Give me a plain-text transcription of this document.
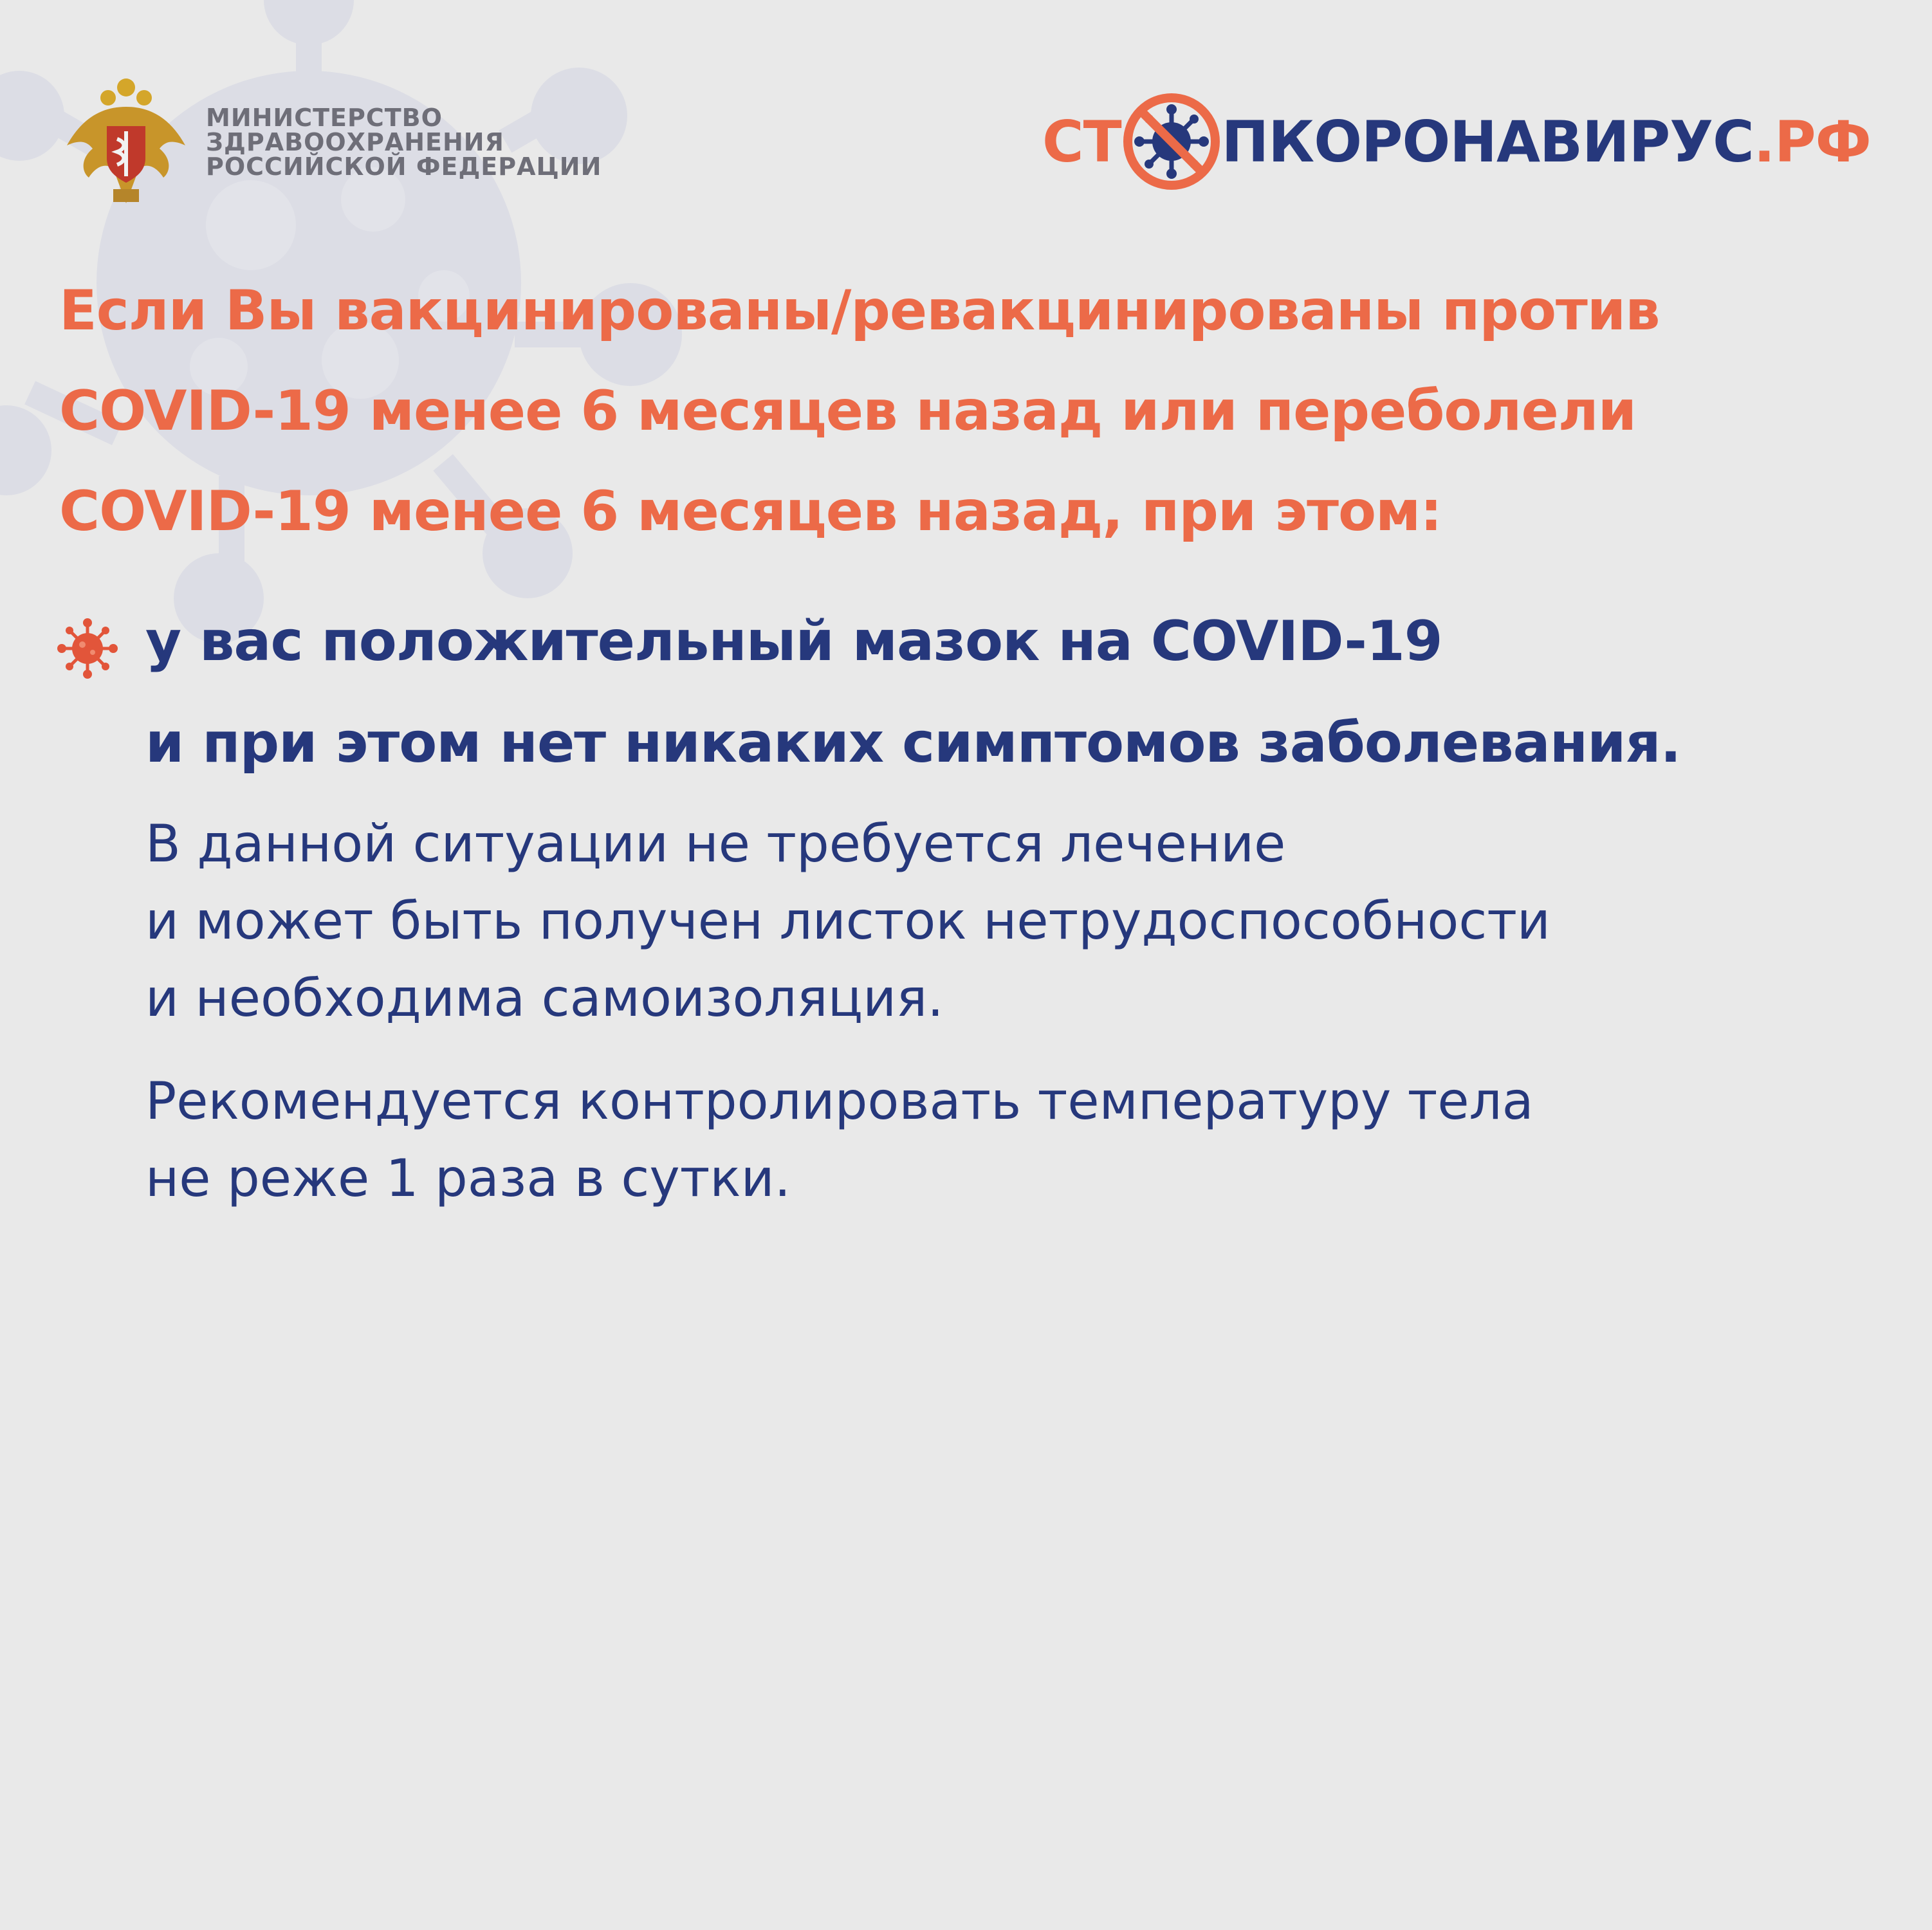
МИНИСТЕРСТВО
ЗДРАВООХРАНЕНИЯ
РОССИЙСКОЙ ФЕДЕРАЦИИ	СТ ПКОРОНАВИРУС .РФ
Если Вы вакцинированы/ревакцинированы против
COVID-19 менее 6 месяцев назад или переболели
COVID-19 менее 6 месяцев назад, при этом:
у вас положительный мазок на COVID-19
и при этом нет никаких симптомов заболевания.
В данной ситуации не требуется лечение
и может быть получен листок нетрудоспособности
и необходима самоизоляция.
Рекомендуется контролировать температуру тела
не реже 1 раза в сутки.
